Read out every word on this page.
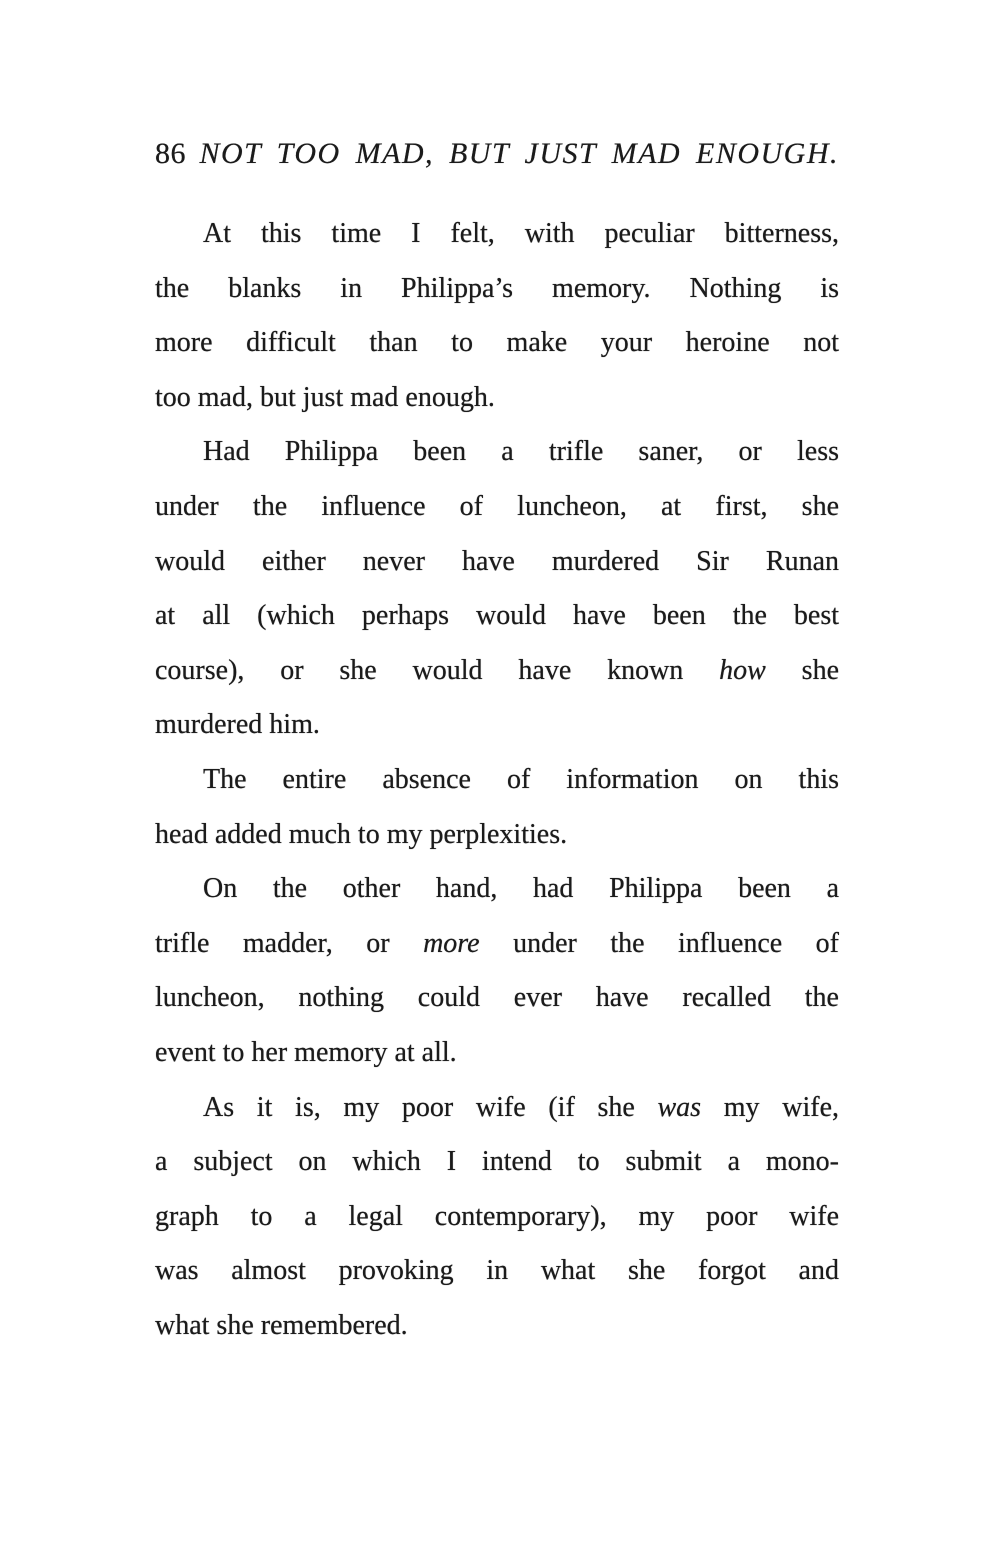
86 NOT TOO MAD, BUT JUST MAD ENOUGH.
At this time I felt, with peculiar bitterness,
the blanks in Philippa’s memory. Nothing is
more difficult than to make your heroine not
too mad, but just mad enough.
Had Philippa been a trifle saner, or less
under the influence of luncheon, at first, she
would either never have murdered Sir Runan
at all (which perhaps would have been the best
course), or she would have known how she
murdered him.
The entire absence of information on this
head added much to my perplexities.
On the other hand, had Philippa been a
trifle madder, or more under the influence of
luncheon, nothing could ever have recalled the
event to her memory at all.
As it is, my poor wife (if she was my wife,
a subject on which I intend to submit a mono-
graph to a legal contemporary), my poor wife
was almost provoking in what she forgot and
what she remembered.
